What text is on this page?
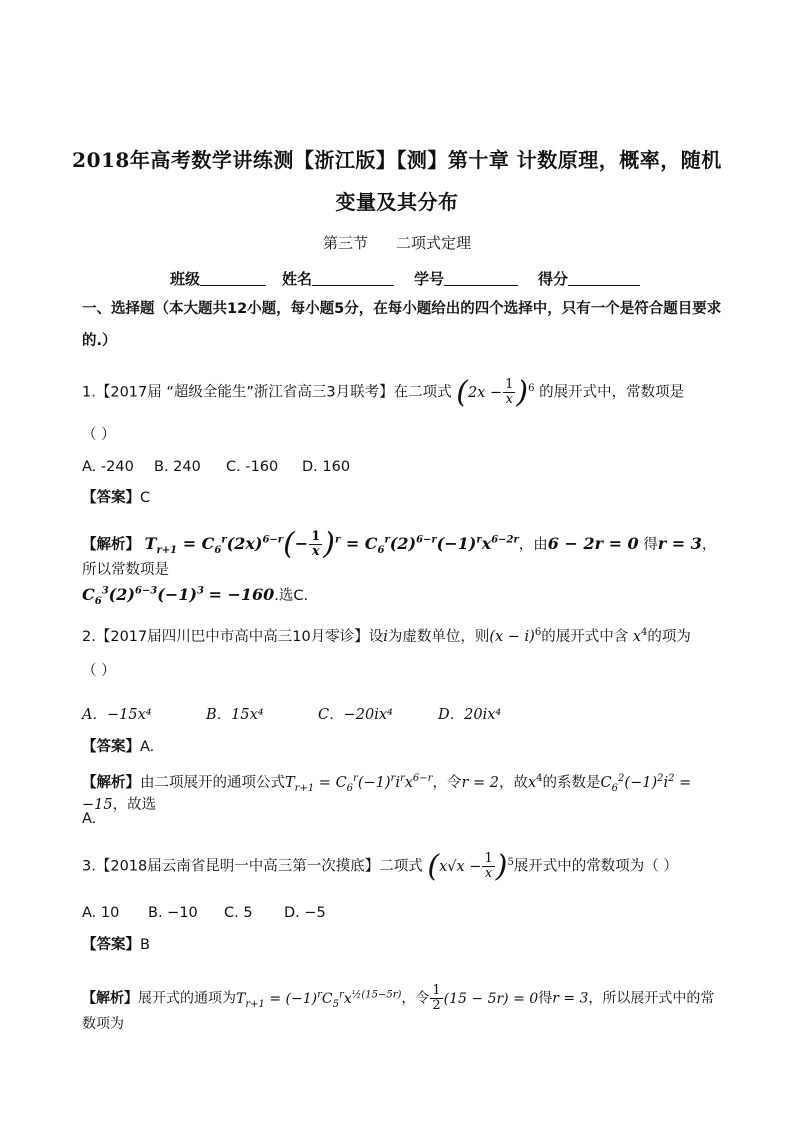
2018年高考数学讲练测【浙江版】【测】第十章 计数原理，概率，随机
变量及其分布
第三节 二项式定理
班级	姓名	学号	得分
一、选择题（本大题共12小题，每小题5分，在每小题给出的四个选择中，只有一个是符合题目要求
的.）
1.【2017届 “超级全能生”浙江省高三3月联考】在二项式 $(2x - \frac{1}{x} )^6$ 的展开式中，常数项是
（ ）
A. -240 B. 240 C. -160 D. 160
【答案】C
【解析】 $T_{r+1} = C_6^r(2x)^{6-r}(- \frac{1}{x} )^r = C_6^r(2)^{6-r}(-1)^rx^{6-2r}$，由6 − 2r = 0 得r = 3，所以常数项是
$C_6^3(2)^{6-3}(-1)^3 = -160$.选C.
2.【2017届四川巴中市高中高三10月零诊】设i为虚数单位，则$(x - i)^6$的展开式中含 $x^4$的项为
（ ）
A．−15x⁴	B．15x⁴	C．−20ix⁴	D．20ix⁴
【答案】A.
【解析】由二项展开的通项公式$T_{r+1} = C_6^r(-1)^ri^rx^{6-r}$，令r = 2，故$x^4$的系数是$C_6^2(-1)^2i^2 = -15$，故选
A.
3.【2018届云南省昆明一中高三第一次摸底】二项式 $(x√x - \frac{1}{x} )^5$展开式中的常数项为（ ）
A. 10 B. −10 C. 5 D. −5
【答案】B
【解析】展开式的通项为$T_{r+1} = (-1)^rC_5^rx^{\frac{1}{2}(15-5r)}$，令 $\frac{1}{2} (15 - 5r) = 0$得r = 3，所以展开式中的常数项为
